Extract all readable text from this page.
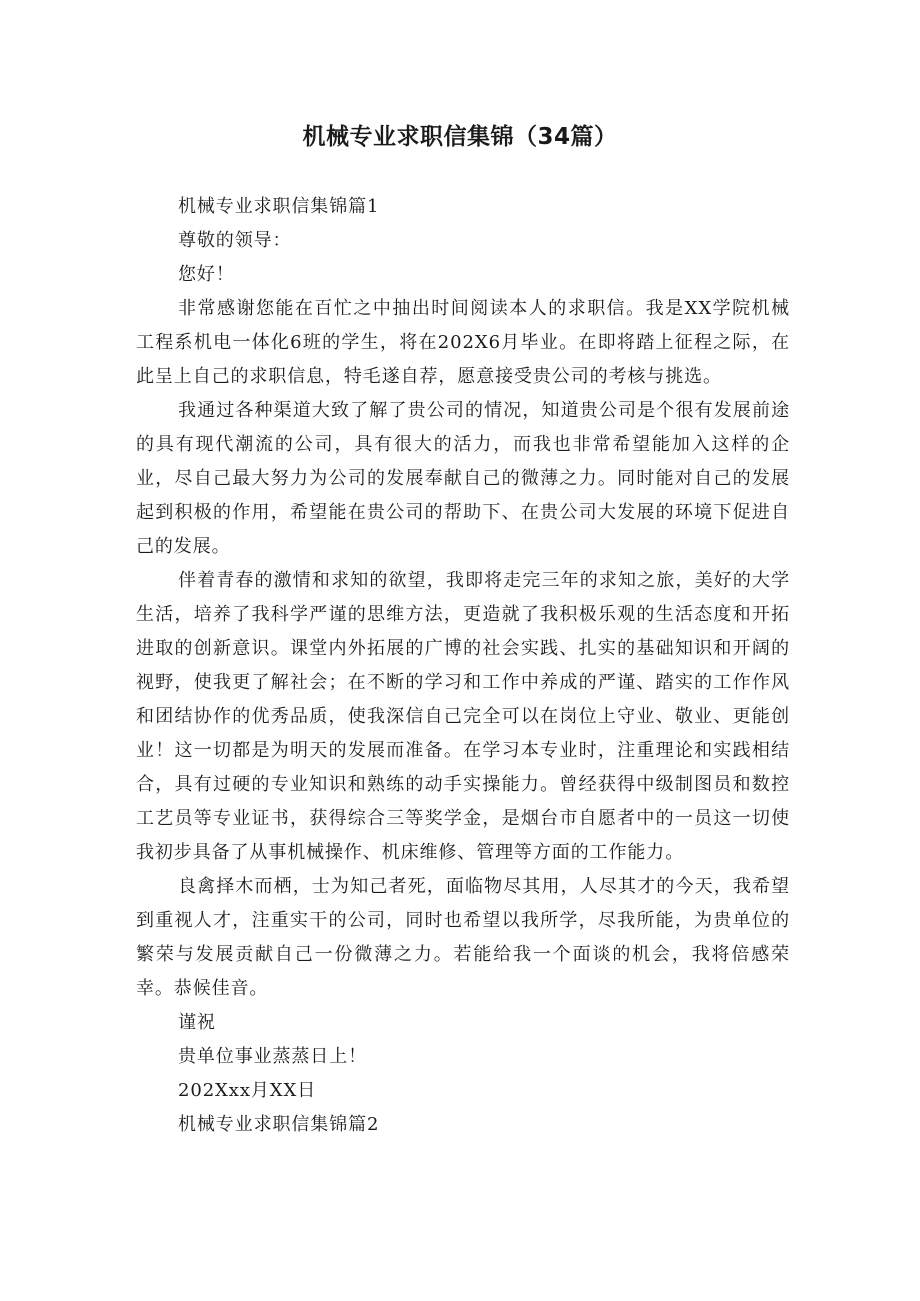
机械专业求职信集锦（34篇）

机械专业求职信集锦篇1

尊敬的领导：

您好！

非常感谢您能在百忙之中抽出时间阅读本人的求职信。我是XX学院机械工程系机电一体化6班的学生，将在202X6月毕业。在即将踏上征程之际，在此呈上自己的求职信息，特毛遂自荐，愿意接受贵公司的考核与挑选。

我通过各种渠道大致了解了贵公司的情况，知道贵公司是个很有发展前途的具有现代潮流的公司，具有很大的活力，而我也非常希望能加入这样的企业，尽自己最大努力为公司的发展奉献自己的微薄之力。同时能对自己的发展起到积极的作用，希望能在贵公司的帮助下、在贵公司大发展的环境下促进自己的发展。

伴着青春的激情和求知的欲望，我即将走完三年的求知之旅，美好的大学生活，培养了我科学严谨的思维方法，更造就了我积极乐观的生活态度和开拓进取的创新意识。课堂内外拓展的广博的社会实践、扎实的基础知识和开阔的视野，使我更了解社会；在不断的学习和工作中养成的严谨、踏实的工作作风和团结协作的优秀品质，使我深信自己完全可以在岗位上守业、敬业、更能创业！这一切都是为明天的发展而准备。在学习本专业时，注重理论和实践相结合，具有过硬的专业知识和熟练的动手实操能力。曾经获得中级制图员和数控工艺员等专业证书，获得综合三等奖学金，是烟台市自愿者中的一员这一切使我初步具备了从事机械操作、机床维修、管理等方面的工作能力。

良禽择木而栖，士为知己者死，面临物尽其用，人尽其才的今天，我希望到重视人才，注重实干的公司，同时也希望以我所学，尽我所能，为贵单位的繁荣与发展贡献自己一份微薄之力。若能给我一个面谈的机会，我将倍感荣幸。恭候佳音。

谨祝

贵单位事业蒸蒸日上！

202Xxx月XX日

机械专业求职信集锦篇2
